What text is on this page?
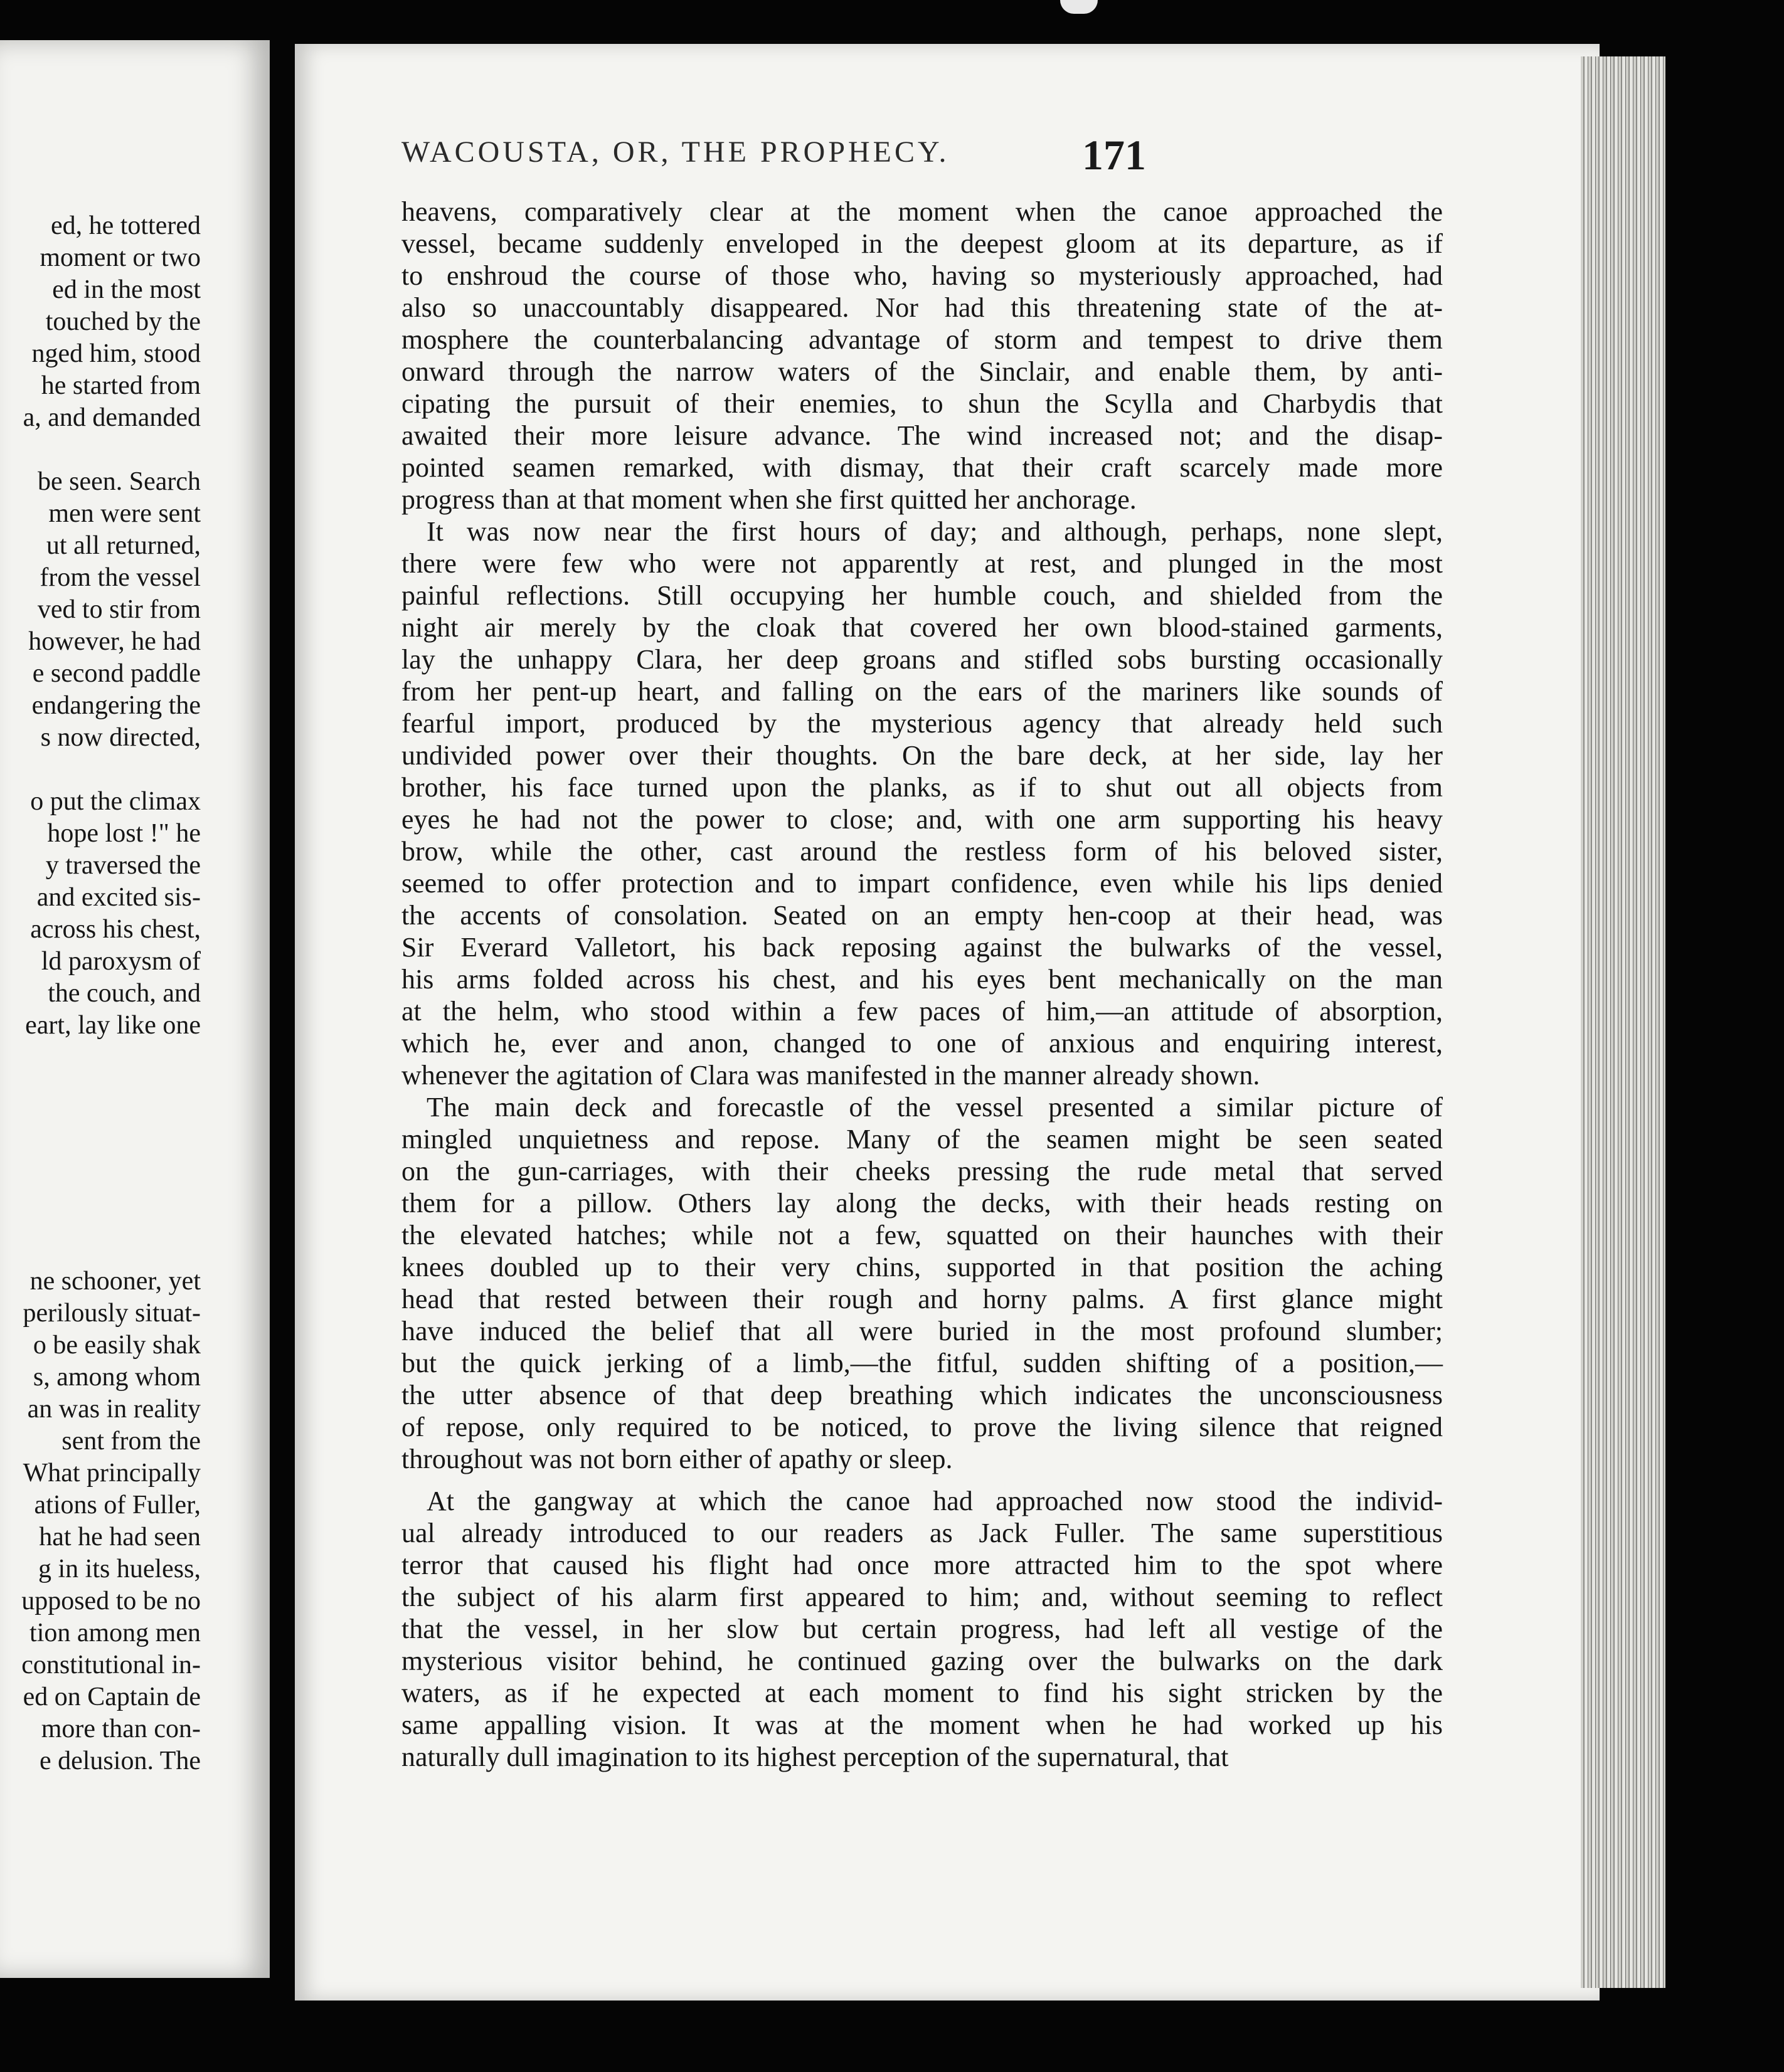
ed, he tottered
moment or two
ed in the most
touched by the
nged him, stood
he started from
a, and demanded
be seen. Search
men were sent
ut all returned,
from the vessel
ved to stir from
however, he had
e second paddle
endangering the
s now directed,
o put the climax
hope lost !" he
y traversed the
and excited sis-
across his chest,
ld paroxysm of
the couch, and
eart, lay like one
ne schooner, yet
perilously situat-
o be easily shak
s, among whom
an was in reality
sent from the
What principally
ations of Fuller,
hat he had seen
g in its hueless,
upposed to be no
tion among men
constitutional in-
ed on Captain de
more than con-
e delusion. The
WACOUSTA, OR, THE PROPHECY.	171
heavens, comparatively clear at the moment when the canoe approached the
vessel, became suddenly enveloped in the deepest gloom at its departure, as if
to enshroud the course of those who, having so mysteriously approached, had
also so unaccountably disappeared. Nor had this threatening state of the at-
mosphere the counterbalancing advantage of storm and tempest to drive them
onward through the narrow waters of the Sinclair, and enable them, by anti-
cipating the pursuit of their enemies, to shun the Scylla and Charbydis that
awaited their more leisure advance. The wind increased not; and the disap-
pointed seamen remarked, with dismay, that their craft scarcely made more
progress than at that moment when she first quitted her anchorage.
It was now near the first hours of day; and although, perhaps, none slept,
there were few who were not apparently at rest, and plunged in the most
painful reflections. Still occupying her humble couch, and shielded from the
night air merely by the cloak that covered her own blood-stained garments,
lay the unhappy Clara, her deep groans and stifled sobs bursting occasionally
from her pent-up heart, and falling on the ears of the mariners like sounds of
fearful import, produced by the mysterious agency that already held such
undivided power over their thoughts. On the bare deck, at her side, lay her
brother, his face turned upon the planks, as if to shut out all objects from
eyes he had not the power to close; and, with one arm supporting his heavy
brow, while the other, cast around the restless form of his beloved sister,
seemed to offer protection and to impart confidence, even while his lips denied
the accents of consolation. Seated on an empty hen-coop at their head, was
Sir Everard Valletort, his back reposing against the bulwarks of the vessel,
his arms folded across his chest, and his eyes bent mechanically on the man
at the helm, who stood within a few paces of him,—an attitude of absorption,
which he, ever and anon, changed to one of anxious and enquiring interest,
whenever the agitation of Clara was manifested in the manner already shown.
The main deck and forecastle of the vessel presented a similar picture of
mingled unquietness and repose. Many of the seamen might be seen seated
on the gun-carriages, with their cheeks pressing the rude metal that served
them for a pillow. Others lay along the decks, with their heads resting on
the elevated hatches; while not a few, squatted on their haunches with their
knees doubled up to their very chins, supported in that position the aching
head that rested between their rough and horny palms. A first glance might
have induced the belief that all were buried in the most profound slumber;
but the quick jerking of a limb,—the fitful, sudden shifting of a position,—
the utter absence of that deep breathing which indicates the unconsciousness
of repose, only required to be noticed, to prove the living silence that reigned
throughout was not born either of apathy or sleep.
At the gangway at which the canoe had approached now stood the individ-
ual already introduced to our readers as Jack Fuller. The same superstitious
terror that caused his flight had once more attracted him to the spot where
the subject of his alarm first appeared to him; and, without seeming to reflect
that the vessel, in her slow but certain progress, had left all vestige of the
mysterious visitor behind, he continued gazing over the bulwarks on the dark
waters, as if he expected at each moment to find his sight stricken by the
same appalling vision. It was at the moment when he had worked up his
naturally dull imagination to its highest perception of the supernatural, that
